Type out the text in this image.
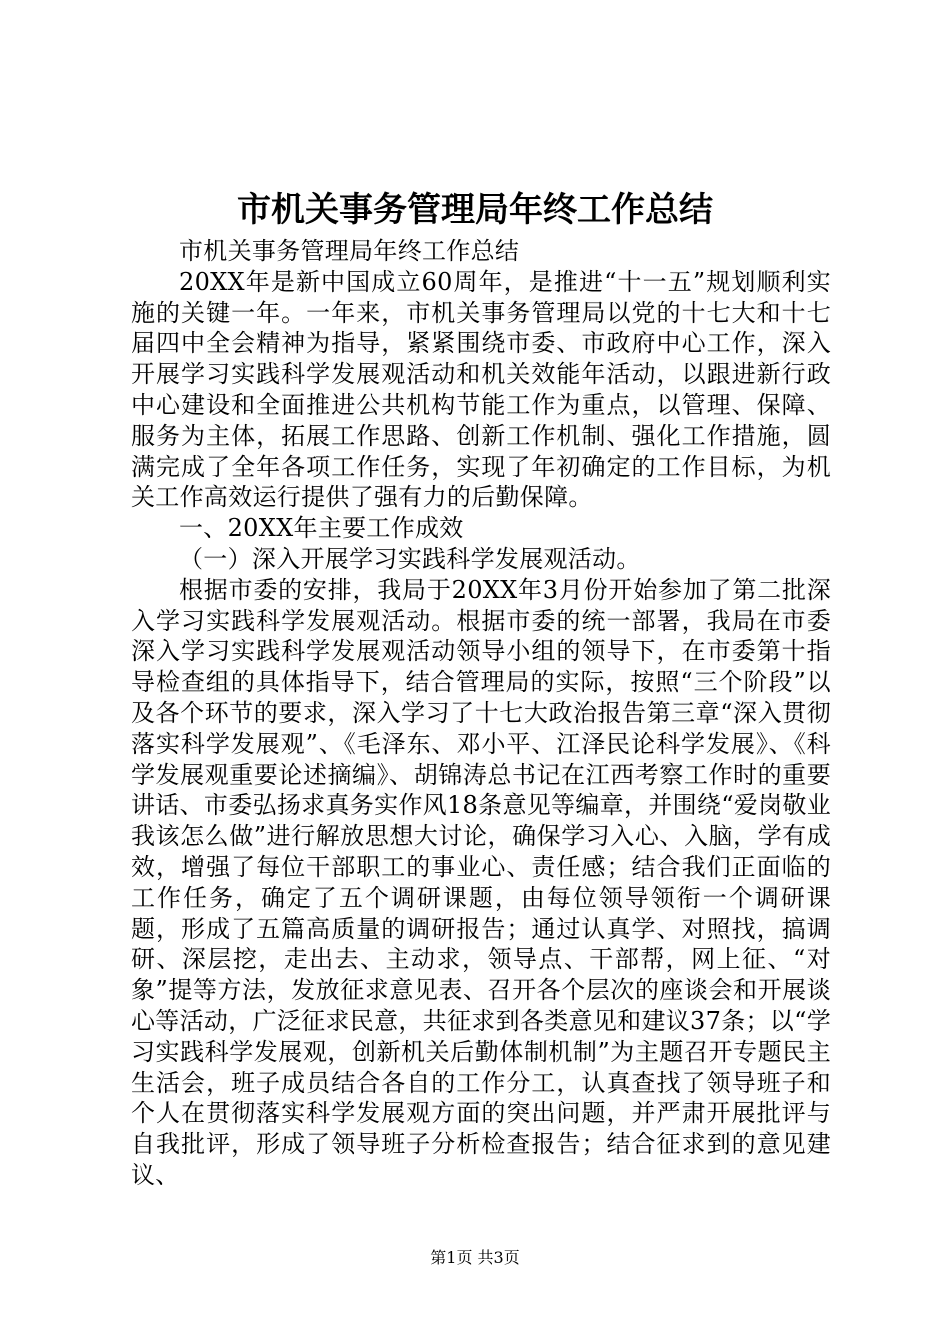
市机关事务管理局年终工作总结

市机关事务管理局年终工作总结

20XX年是新中国成立60周年，是推进“十一五”规划顺利实施的关键一年。一年来，市机关事务管理局以党的十七大和十七届四中全会精神为指导，紧紧围绕市委、市政府中心工作，深入开展学习实践科学发展观活动和机关效能年活动，以跟进新行政中心建设和全面推进公共机构节能工作为重点，以管理、保障、服务为主体，拓展工作思路、创新工作机制、强化工作措施，圆满完成了全年各项工作任务，实现了年初确定的工作目标，为机关工作高效运行提供了强有力的后勤保障。

一、20XX年主要工作成效

（一）深入开展学习实践科学发展观活动。

根据市委的安排，我局于20XX年3月份开始参加了第二批深入学习实践科学发展观活动。根据市委的统一部署，我局在市委深入学习实践科学发展观活动领导小组的领导下，在市委第十指导检查组的具体指导下，结合管理局的实际，按照“三个阶段”以及各个环节的要求，深入学习了十七大政治报告第三章“深入贯彻落实科学发展观”、《毛泽东、邓小平、江泽民论科学发展》、《科学发展观重要论述摘编》、胡锦涛总书记在江西考察工作时的重要讲话、市委弘扬求真务实作风18条意见等编章，并围绕“爱岗敬业我该怎么做”进行解放思想大讨论，确保学习入心、入脑，学有成效，增强了每位干部职工的事业心、责任感；结合我们正面临的工作任务，确定了五个调研课题，由每位领导领衔一个调研课题，形成了五篇高质量的调研报告；通过认真学、对照找，搞调研、深层挖，走出去、主动求，领导点、干部帮，网上征、“对象”提等方法，发放征求意见表、召开各个层次的座谈会和开展谈心等活动，广泛征求民意，共征求到各类意见和建议37条；以“学习实践科学发展观，创新机关后勤体制机制”为主题召开专题民主生活会，班子成员结合各自的工作分工，认真查找了领导班子和个人在贯彻落实科学发展观方面的突出问题，并严肃开展批评与自我批评，形成了领导班子分析检查报告；结合征求到的意见建议、

第1页 共3页
